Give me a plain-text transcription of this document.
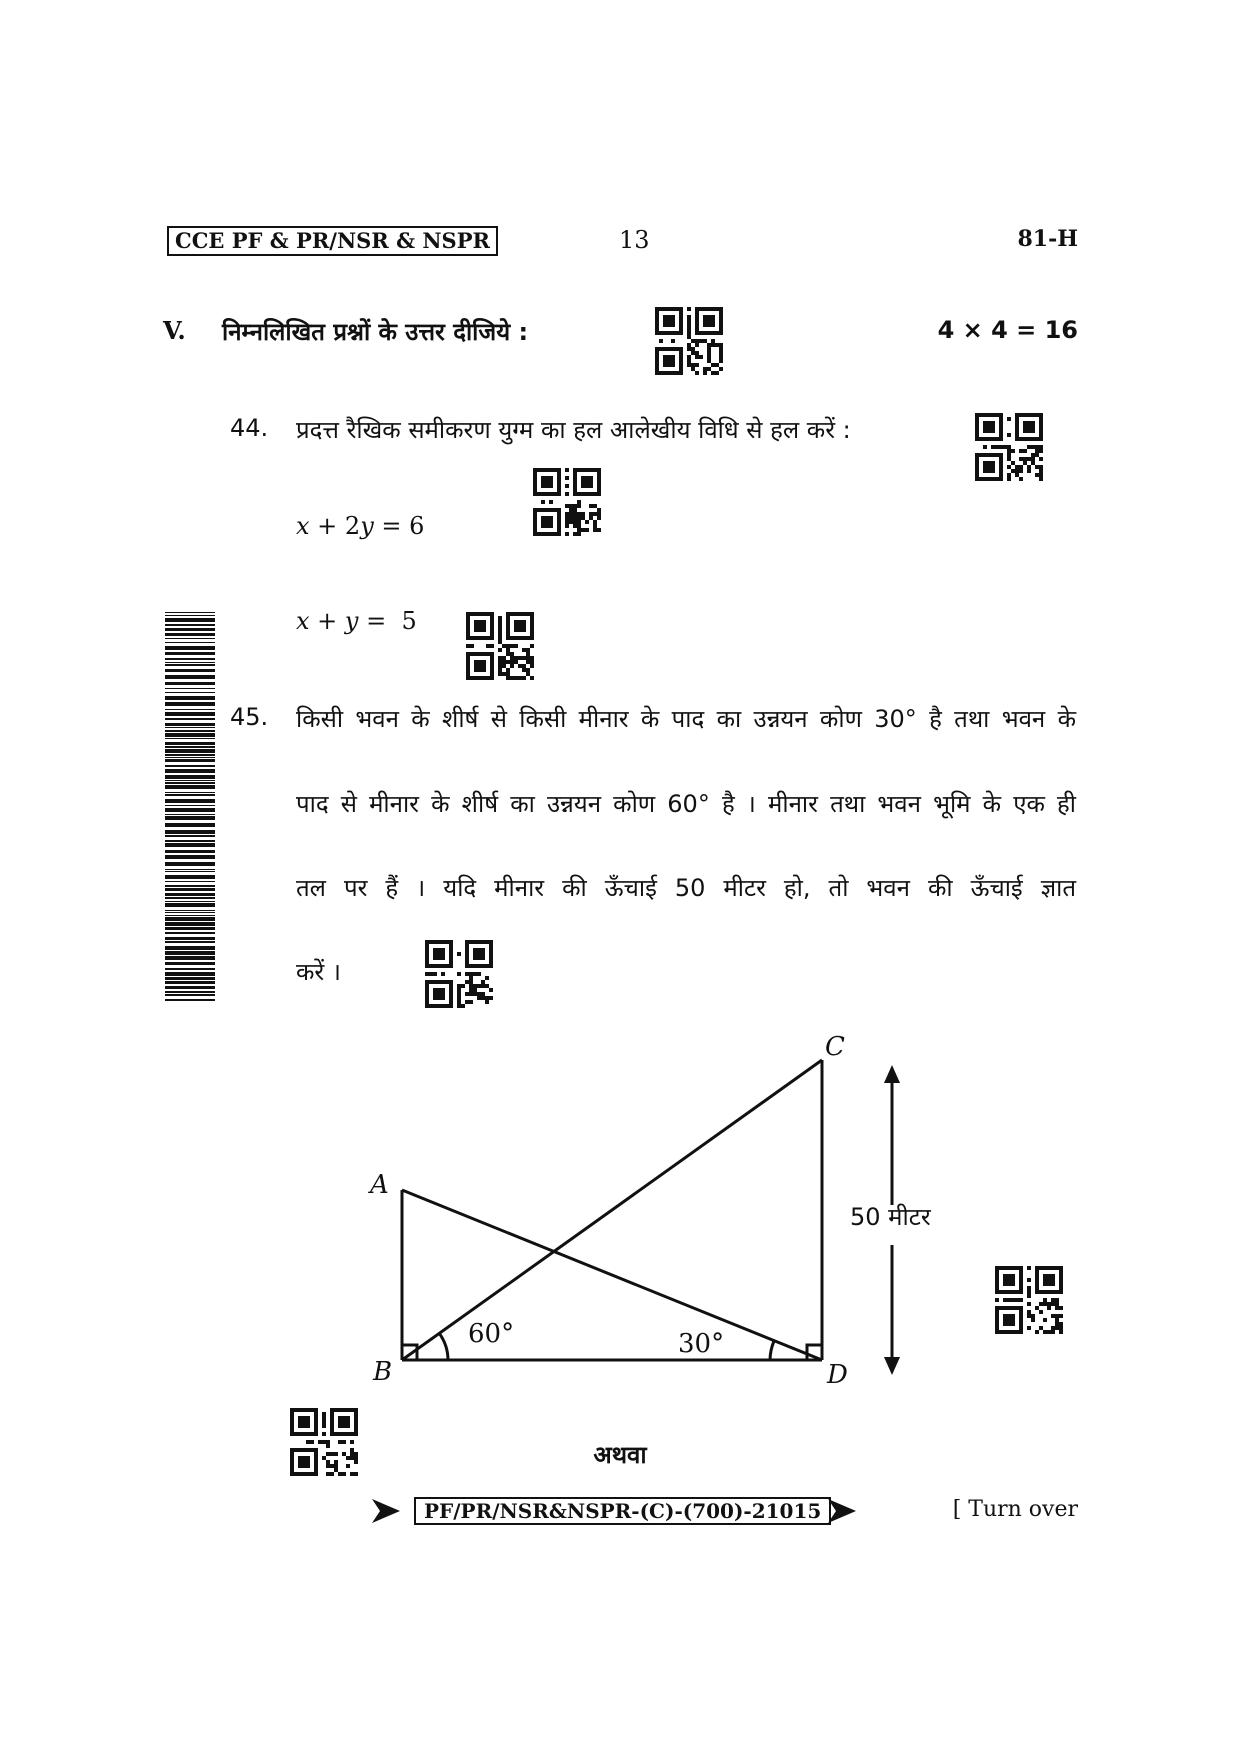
CCE PF & PR/NSR & NSPR	13	81-H
V. निम्नलिखित प्रश्नों के उत्तर दीजिये :	4 × 4 = 16
44. प्रदत्त रैखिक समीकरण युग्म का हल आलेखीय विधि से हल करें :
x + 2y = 6
x + y =  5
45. किसी भवन के शीर्ष से किसी मीनार के पाद का उन्नयन कोण 30° है तथा भवन के
पाद से मीनार के शीर्ष का उन्नयन कोण 60° है । मीनार तथा भवन भूमि के एक ही
तल पर हैं । यदि मीनार की ऊँचाई 50 मीटर हो, तो भवन की ऊँचाई ज्ञात
करें ।
A
B
C
D
60°	30°
50 मीटर
अथवा
PF/PR/NSR&NSPR-(C)-(700)-21015	[ Turn over
